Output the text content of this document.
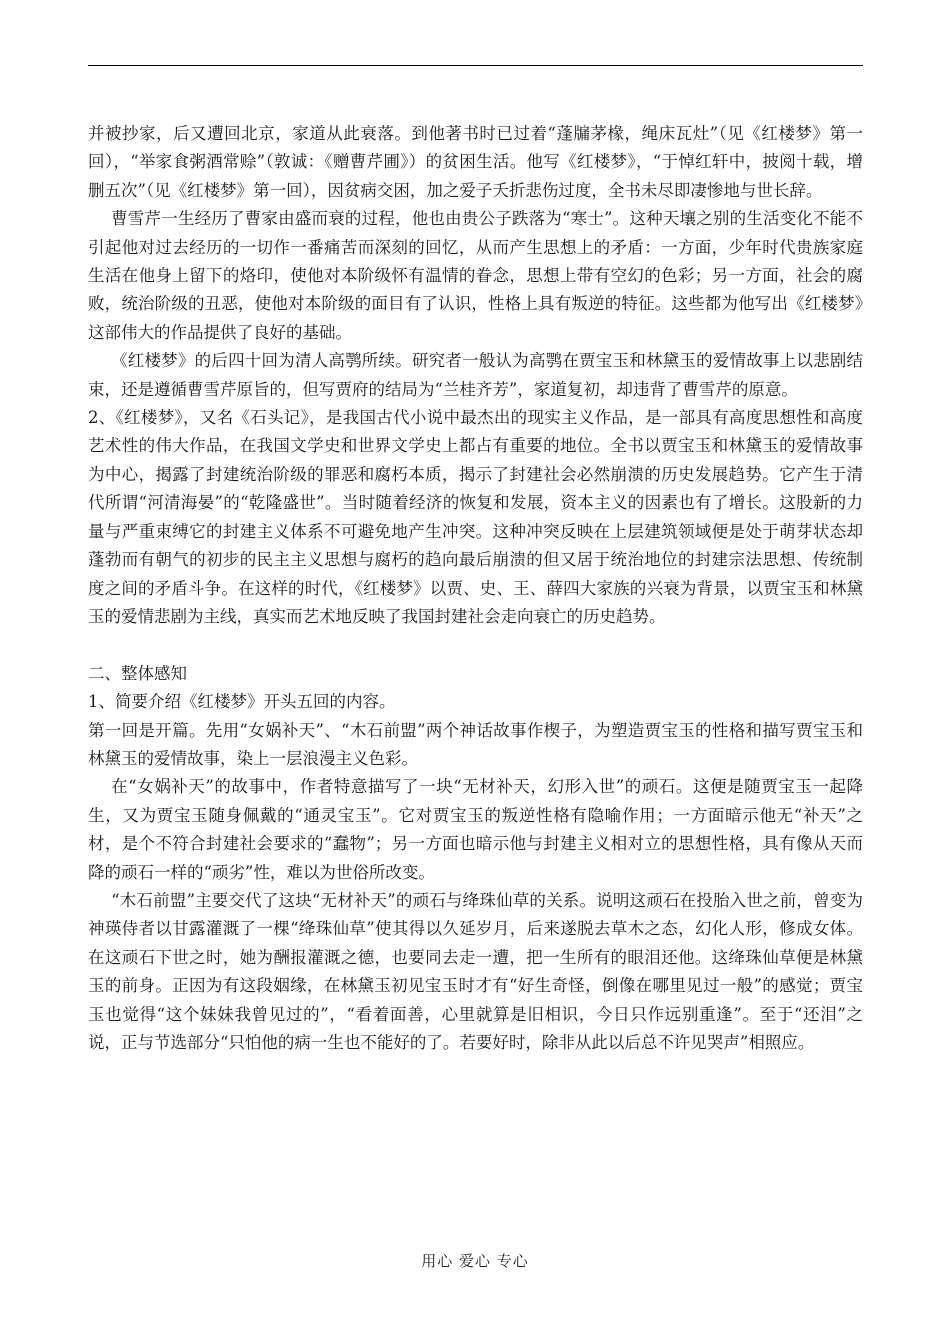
并被抄家，后又遭回北京，家道从此衰落。到他著书时已过着“蓬牖茅椽，绳床瓦灶”（见《红楼梦》第一回），“举家食粥酒常赊”（敦诚：《赠曹芹圃》）的贫困生活。他写《红楼梦》，“于悼红轩中，披阅十载，增删五次”（见《红楼梦》第一回），因贫病交困，加之爱子夭折悲伤过度，全书未尽即凄惨地与世长辞。

曹雪芹一生经历了曹家由盛而衰的过程，他也由贵公子跌落为“寒士”。这种天壤之别的生活变化不能不引起他对过去经历的一切作一番痛苦而深刻的回忆，从而产生思想上的矛盾：一方面，少年时代贵族家庭生活在他身上留下的烙印，使他对本阶级怀有温情的眷念，思想上带有空幻的色彩；另一方面，社会的腐败，统治阶级的丑恶，使他对本阶级的面目有了认识，性格上具有叛逆的特征。这些都为他写出《红楼梦》这部伟大的作品提供了良好的基础。

《红楼梦》的后四十回为清人高鹗所续。研究者一般认为高鹗在贾宝玉和林黛玉的爱情故事上以悲剧结束，还是遵循曹雪芹原旨的，但写贾府的结局为“兰桂齐芳”，家道复初，却违背了曹雪芹的原意。

2、《红楼梦》，又名《石头记》，是我国古代小说中最杰出的现实主义作品，是一部具有高度思想性和高度艺术性的伟大作品，在我国文学史和世界文学史上都占有重要的地位。全书以贾宝玉和林黛玉的爱情故事为中心，揭露了封建统治阶级的罪恶和腐朽本质，揭示了封建社会必然崩溃的历史发展趋势。它产生于清代所谓“河清海晏”的“乾隆盛世”。当时随着经济的恢复和发展，资本主义的因素也有了增长。这股新的力量与严重束缚它的封建主义体系不可避免地产生冲突。这种冲突反映在上层建筑领域便是处于萌芽状态却蓬勃而有朝气的初步的民主主义思想与腐朽的趋向最后崩溃的但又居于统治地位的封建宗法思想、传统制度之间的矛盾斗争。在这样的时代，《红楼梦》以贾、史、王、薛四大家族的兴衰为背景，以贾宝玉和林黛玉的爱情悲剧为主线，真实而艺术地反映了我国封建社会走向衰亡的历史趋势。

二、整体感知

1、简要介绍《红楼梦》开头五回的内容。

第一回是开篇。先用“女娲补天”、“木石前盟”两个神话故事作楔子，为塑造贾宝玉的性格和描写贾宝玉和林黛玉的爱情故事，染上一层浪漫主义色彩。

在“女娲补天”的故事中，作者特意描写了一块“无材补天，幻形入世”的顽石。这便是随贾宝玉一起降生，又为贾宝玉随身佩戴的“通灵宝玉”。它对贾宝玉的叛逆性格有隐喻作用；一方面暗示他无“补天”之材，是个不符合封建社会要求的“蠢物”；另一方面也暗示他与封建主义相对立的思想性格，具有像从天而降的顽石一样的“顽劣”性，难以为世俗所改变。

“木石前盟”主要交代了这块“无材补天”的顽石与绛珠仙草的关系。说明这顽石在投胎入世之前，曾变为神瑛侍者以甘露灌溉了一棵“绛珠仙草”使其得以久延岁月，后来遂脱去草木之态，幻化人形，修成女体。在这顽石下世之时，她为酬报灌溉之德，也要同去走一遭，把一生所有的眼泪还他。这绛珠仙草便是林黛玉的前身。正因为有这段姻缘，在林黛玉初见宝玉时才有“好生奇怪，倒像在哪里见过一般”的感觉；贾宝玉也觉得“这个妹妹我曾见过的”，“看着面善，心里就算是旧相识，今日只作远别重逢”。至于“还泪”之说，正与节选部分“只怕他的病一生也不能好的了。若要好时，除非从此以后总不许见哭声”相照应。

用心 爱心 专心
